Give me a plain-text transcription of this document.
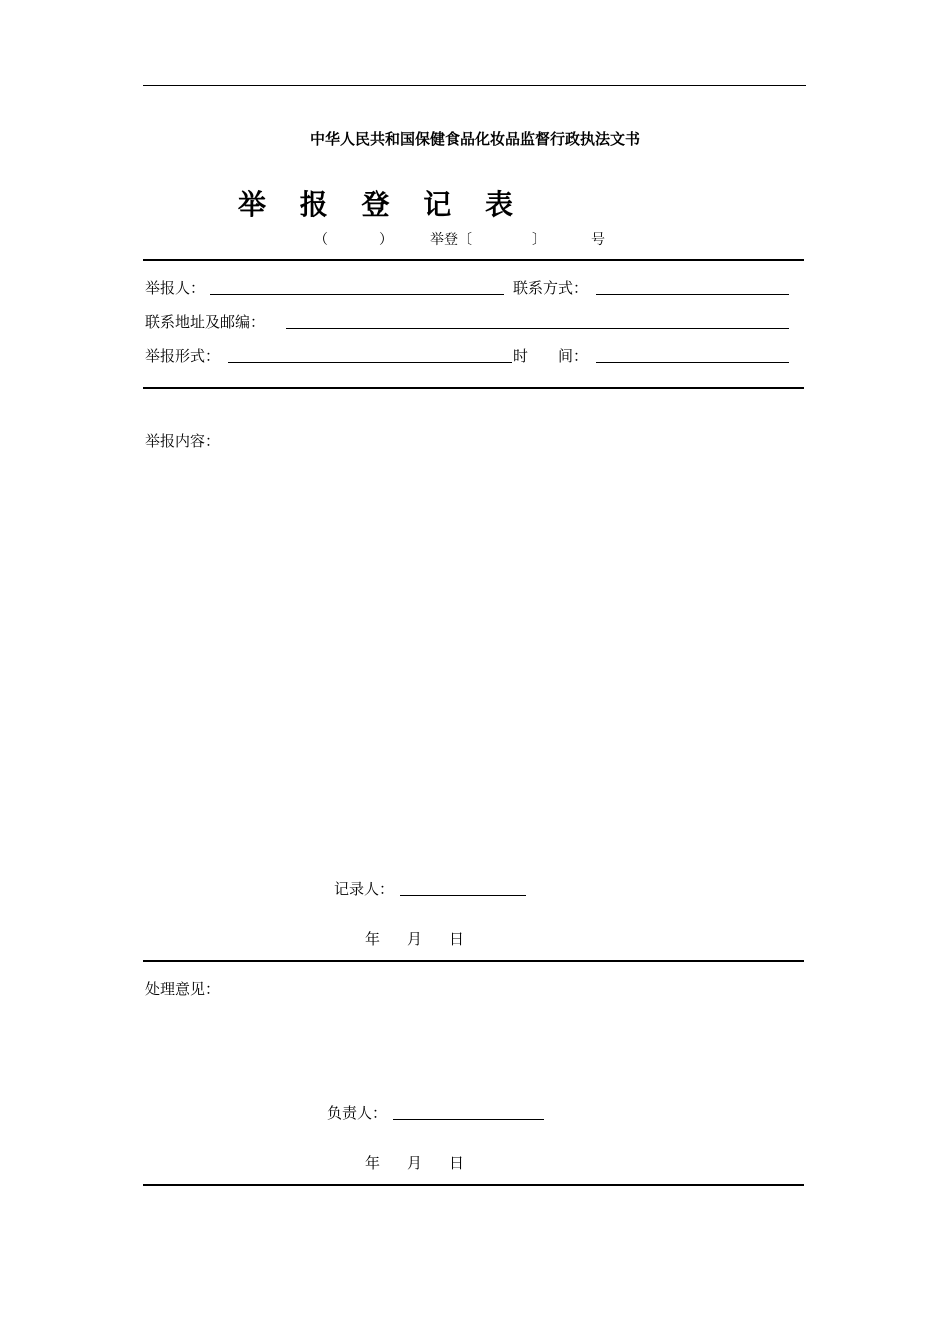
中华人民共和国保健食品化妆品监督行政执法文书
举 报 登 记 表
（	）	举登〔	〕	号
举报人：	联系方式：
联系地址及邮编：
举报形式：	时　　间：
举报内容：
记录人：
年 月 日
处理意见：
负责人：
年 月 日
